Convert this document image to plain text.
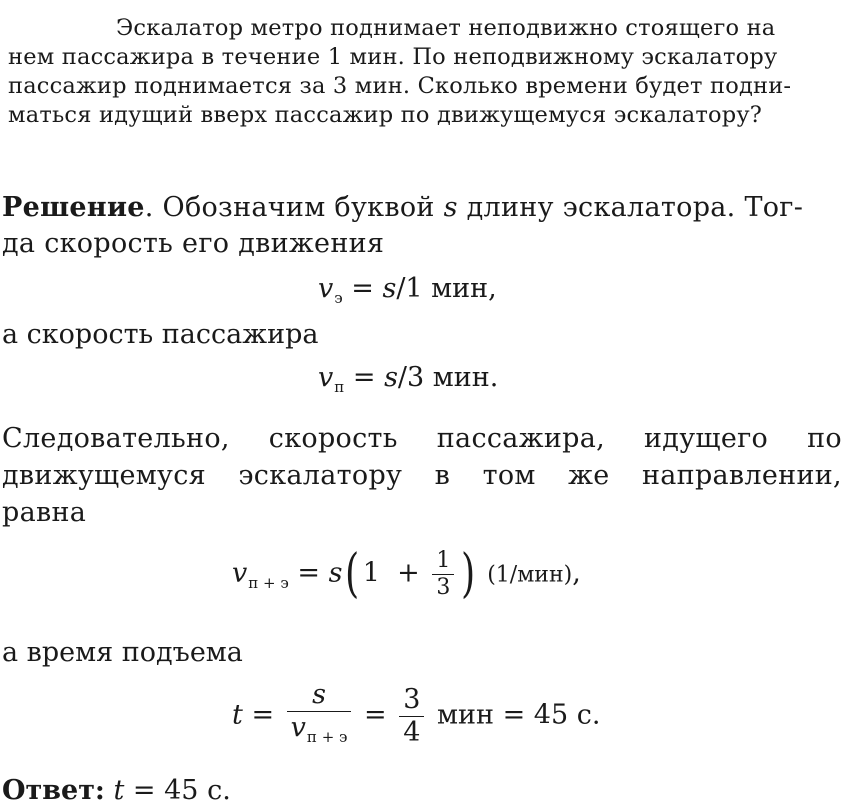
Эскалатор метро поднимает неподвижно стоящего на
нем пассажира в течение 1 мин. По неподвижному эскалатору
пассажир поднимается за 3 мин. Сколько времени будет подни-
маться идущий вверх пассажир по движущемуся эскалатору?
Решение. Обозначим буквой s длину эскалатора. Тог-
да скорость его движения
$v_э = s/1$ мин,
а скорость пассажира
$v_п = s/3$ мин.
Следовательно, скорость пассажира, идущего по
движущемуся эскалатору в том же направлении,
равна
$v_{п + э} = s$( $1 + \frac{1}{3}$ ) (1/мин),
а время подъема
$t = \frac{s}{v_{п + э}} = \frac{3}{4}$ мин = 45 с.
Ответ: t = 45 с.
